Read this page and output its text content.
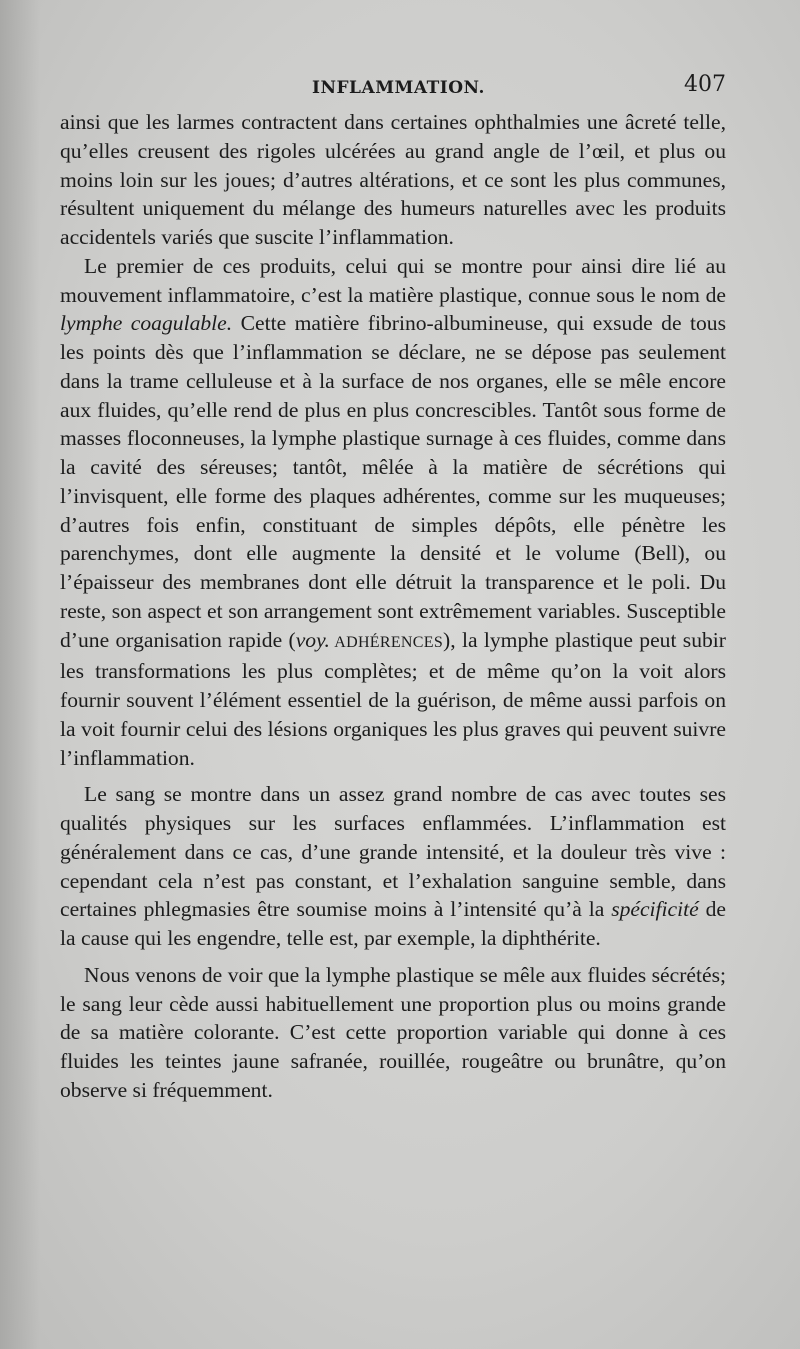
INFLAMMATION.	407

ainsi que les larmes contractent dans certaines ophthalmies une âcreté telle, qu’elles creusent des rigoles ulcérées au grand angle de l’œil, et plus ou moins loin sur les joues; d’autres altérations, et ce sont les plus communes, résultent uniquement du mélange des humeurs naturelles avec les produits accidentels variés que suscite l’inflammation.

Le premier de ces produits, celui qui se montre pour ainsi dire lié au mouvement inflammatoire, c’est la matière plastique, connue sous le nom de lymphe coagulable. Cette matière fibrino-albumineuse, qui exsude de tous les points dès que l’inflammation se déclare, ne se dépose pas seulement dans la trame celluleuse et à la surface de nos organes, elle se mêle encore aux fluides, qu’elle rend de plus en plus concrescibles. Tantôt sous forme de masses floconneuses, la lymphe plastique surnage à ces fluides, comme dans la cavité des séreuses; tantôt, mêlée à la matière de sécrétions qui l’invisquent, elle forme des plaques adhérentes, comme sur les muqueuses; d’autres fois enfin, constituant de simples dépôts, elle pénètre les parenchymes, dont elle augmente la densité et le volume (Bell), ou l’épaisseur des membranes dont elle détruit la transparence et le poli. Du reste, son aspect et son arrangement sont extrêmement variables. Susceptible d’une organisation rapide (voy. ADHÉRENCES), la lymphe plastique peut subir les transformations les plus complètes; et de même qu’on la voit alors fournir souvent l’élément essentiel de la guérison, de même aussi parfois on la voit fournir celui des lésions organiques les plus graves qui peuvent suivre l’inflammation.

Le sang se montre dans un assez grand nombre de cas avec toutes ses qualités physiques sur les surfaces enflammées. L’inflammation est généralement dans ce cas, d’une grande intensité, et la douleur très vive : cependant cela n’est pas constant, et l’exhalation sanguine semble, dans certaines phlegmasies être soumise moins à l’intensité qu’à la spécificité de la cause qui les engendre, telle est, par exemple, la diphthérite.

Nous venons de voir que la lymphe plastique se mêle aux fluides sécrétés; le sang leur cède aussi habituellement une proportion plus ou moins grande de sa matière colorante. C’est cette proportion variable qui donne à ces fluides les teintes jaune safranée, rouillée, rougeâtre ou brunâtre, qu’on observe si fréquemment.
